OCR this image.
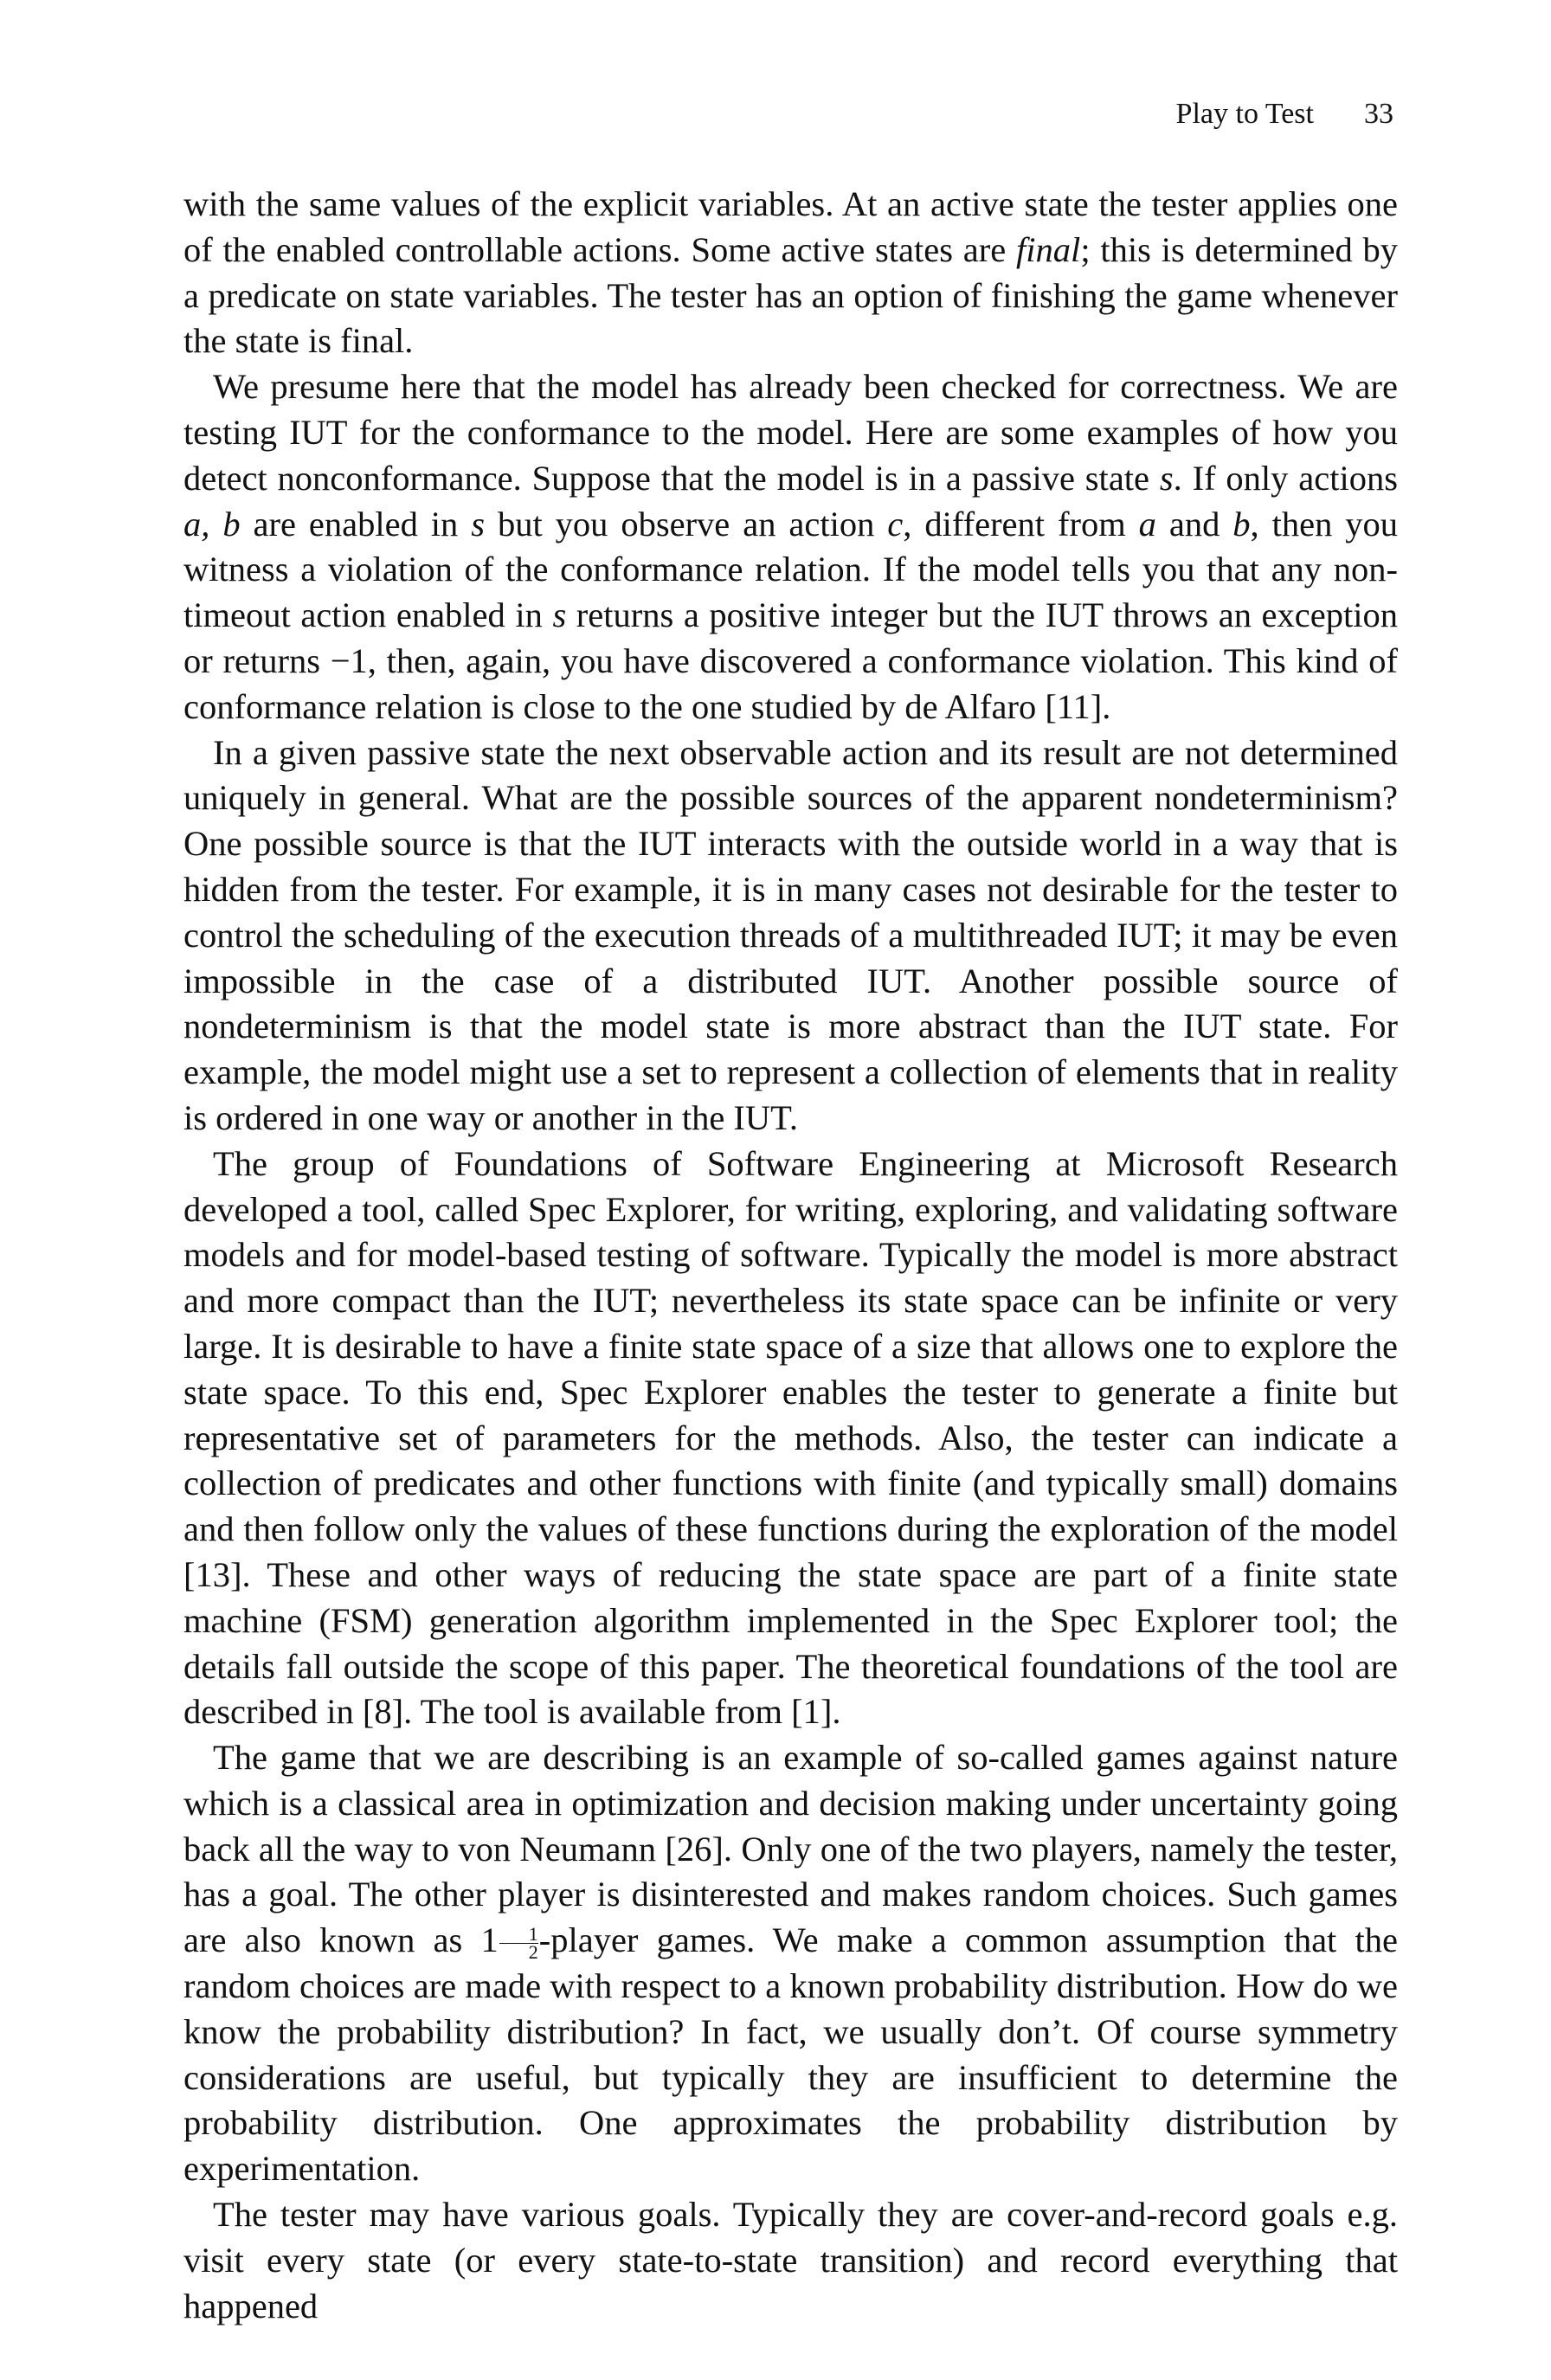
Play to Test 33

with the same values of the explicit variables. At an active state the tester applies one of the enabled controllable actions. Some active states are final; this is determined by a predicate on state variables. The tester has an option of finishing the game whenever the state is final.

We presume here that the model has already been checked for correctness. We are testing IUT for the conformance to the model. Here are some examples of how you detect nonconformance. Suppose that the model is in a passive state s. If only actions a, b are enabled in s but you observe an action c, different from a and b, then you witness a violation of the conformance relation. If the model tells you that any non-timeout action enabled in s returns a positive integer but the IUT throws an exception or returns −1, then, again, you have discovered a conformance violation. This kind of conformance relation is close to the one studied by de Alfaro [11].

In a given passive state the next observable action and its result are not determined uniquely in general. What are the possible sources of the apparent nondeterminism? One possible source is that the IUT interacts with the outside world in a way that is hidden from the tester. For example, it is in many cases not desirable for the tester to control the scheduling of the execution threads of a multithreaded IUT; it may be even impossible in the case of a distributed IUT. Another possible source of nondeterminism is that the model state is more abstract than the IUT state. For example, the model might use a set to represent a collection of elements that in reality is ordered in one way or another in the IUT.

The group of Foundations of Software Engineering at Microsoft Research developed a tool, called Spec Explorer, for writing, exploring, and validating software models and for model-based testing of software. Typically the model is more abstract and more compact than the IUT; nevertheless its state space can be infinite or very large. It is desirable to have a finite state space of a size that allows one to explore the state space. To this end, Spec Explorer enables the tester to generate a finite but representative set of parameters for the methods. Also, the tester can indicate a collection of predicates and other functions with finite (and typically small) domains and then follow only the values of these functions during the exploration of the model [13]. These and other ways of reducing the state space are part of a finite state machine (FSM) generation algorithm implemented in the Spec Explorer tool; the details fall outside the scope of this paper. The theoretical foundations of the tool are described in [8]. The tool is available from [1].

The game that we are describing is an example of so-called games against nature which is a classical area in optimization and decision making under uncertainty going back all the way to von Neumann [26]. Only one of the two players, namely the tester, has a goal. The other player is disinterested and makes random choices. Such games are also known as $1 \frac{1}{2}$ -player games. We make a common assumption that the random choices are made with respect to a known probability distribution. How do we know the probability distribution? In fact, we usually don’t. Of course symmetry considerations are useful, but typically they are insufficient to determine the probability distribution. One approximates the probability distribution by experimentation.

The tester may have various goals. Typically they are cover-and-record goals e.g. visit every state (or every state-to-state transition) and record everything that happened
